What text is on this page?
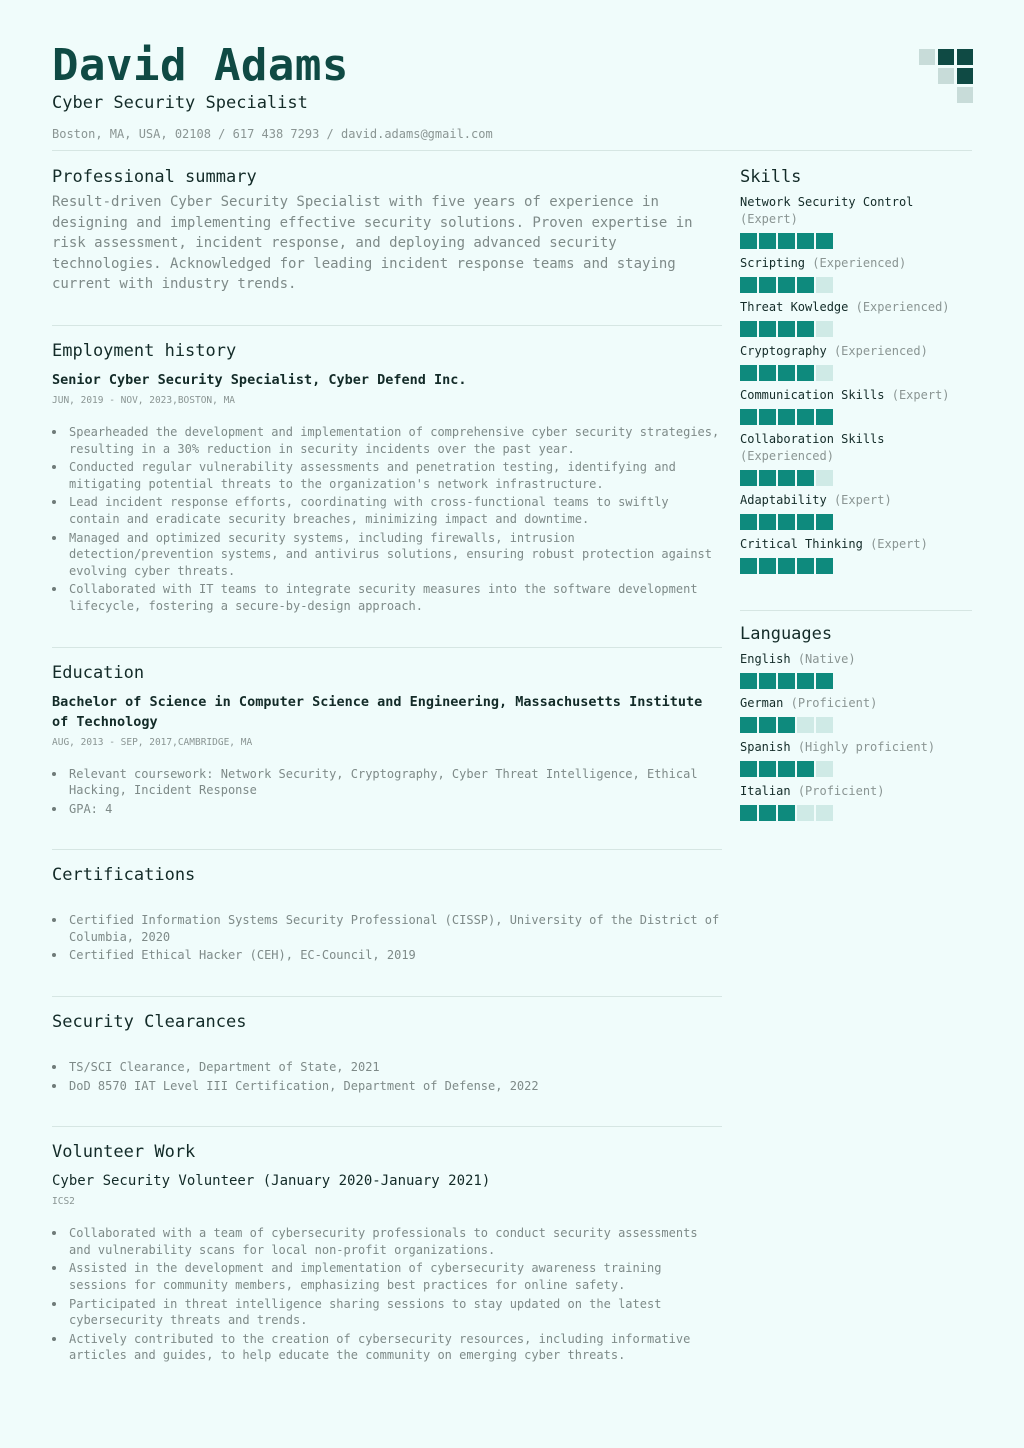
David Adams
Cyber Security Specialist
Boston, MA, USA, 02108 / 617 438 7293 / david.adams@gmail.com
Professional summary
Result-driven Cyber Security Specialist with five years of experience in designing and implementing effective security solutions. Proven expertise in risk assessment, incident response, and deploying advanced security technologies. Acknowledged for leading incident response teams and staying current with industry trends.
Employment history
Senior Cyber Security Specialist, Cyber Defend Inc.
JUN, 2019 - NOV, 2023,BOSTON, MA
Spearheaded the development and implementation of comprehensive cyber security strategies, resulting in a 30% reduction in security incidents over the past year.
Conducted regular vulnerability assessments and penetration testing, identifying and mitigating potential threats to the organization's network infrastructure.
Lead incident response efforts, coordinating with cross-functional teams to swiftly contain and eradicate security breaches, minimizing impact and downtime.
Managed and optimized security systems, including firewalls, intrusion detection/prevention systems, and antivirus solutions, ensuring robust protection against evolving cyber threats.
Collaborated with IT teams to integrate security measures into the software development lifecycle, fostering a secure-by-design approach.
Education
Bachelor of Science in Computer Science and Engineering, Massachusetts Institute of Technology
AUG, 2013 - SEP, 2017,CAMBRIDGE, MA
Relevant coursework: Network Security, Cryptography, Cyber Threat Intelligence, Ethical Hacking, Incident Response
GPA: 4
Certifications
Certified Information Systems Security Professional (CISSP), University of the District of Columbia, 2020
Certified Ethical Hacker (CEH), EC-Council, 2019
Security Clearances
TS/SCI Clearance, Department of State, 2021
DoD 8570 IAT Level III Certification, Department of Defense, 2022
Volunteer Work
Cyber Security Volunteer (January 2020-January 2021)
ICS2
Collaborated with a team of cybersecurity professionals to conduct security assessments and vulnerability scans for local non-profit organizations.
Assisted in the development and implementation of cybersecurity awareness training sessions for community members, emphasizing best practices for online safety.
Participated in threat intelligence sharing sessions to stay updated on the latest cybersecurity threats and trends.
Actively contributed to the creation of cybersecurity resources, including informative articles and guides, to help educate the community on emerging cyber threats.
Skills
Network Security Control (Expert)
Scripting (Experienced)
Threat Kowledge (Experienced)
Cryptography (Experienced)
Communication Skills (Expert)
Collaboration Skills (Experienced)
Adaptability (Expert)
Critical Thinking (Expert)
Languages
English (Native)
German (Proficient)
Spanish (Highly proficient)
Italian (Proficient)
